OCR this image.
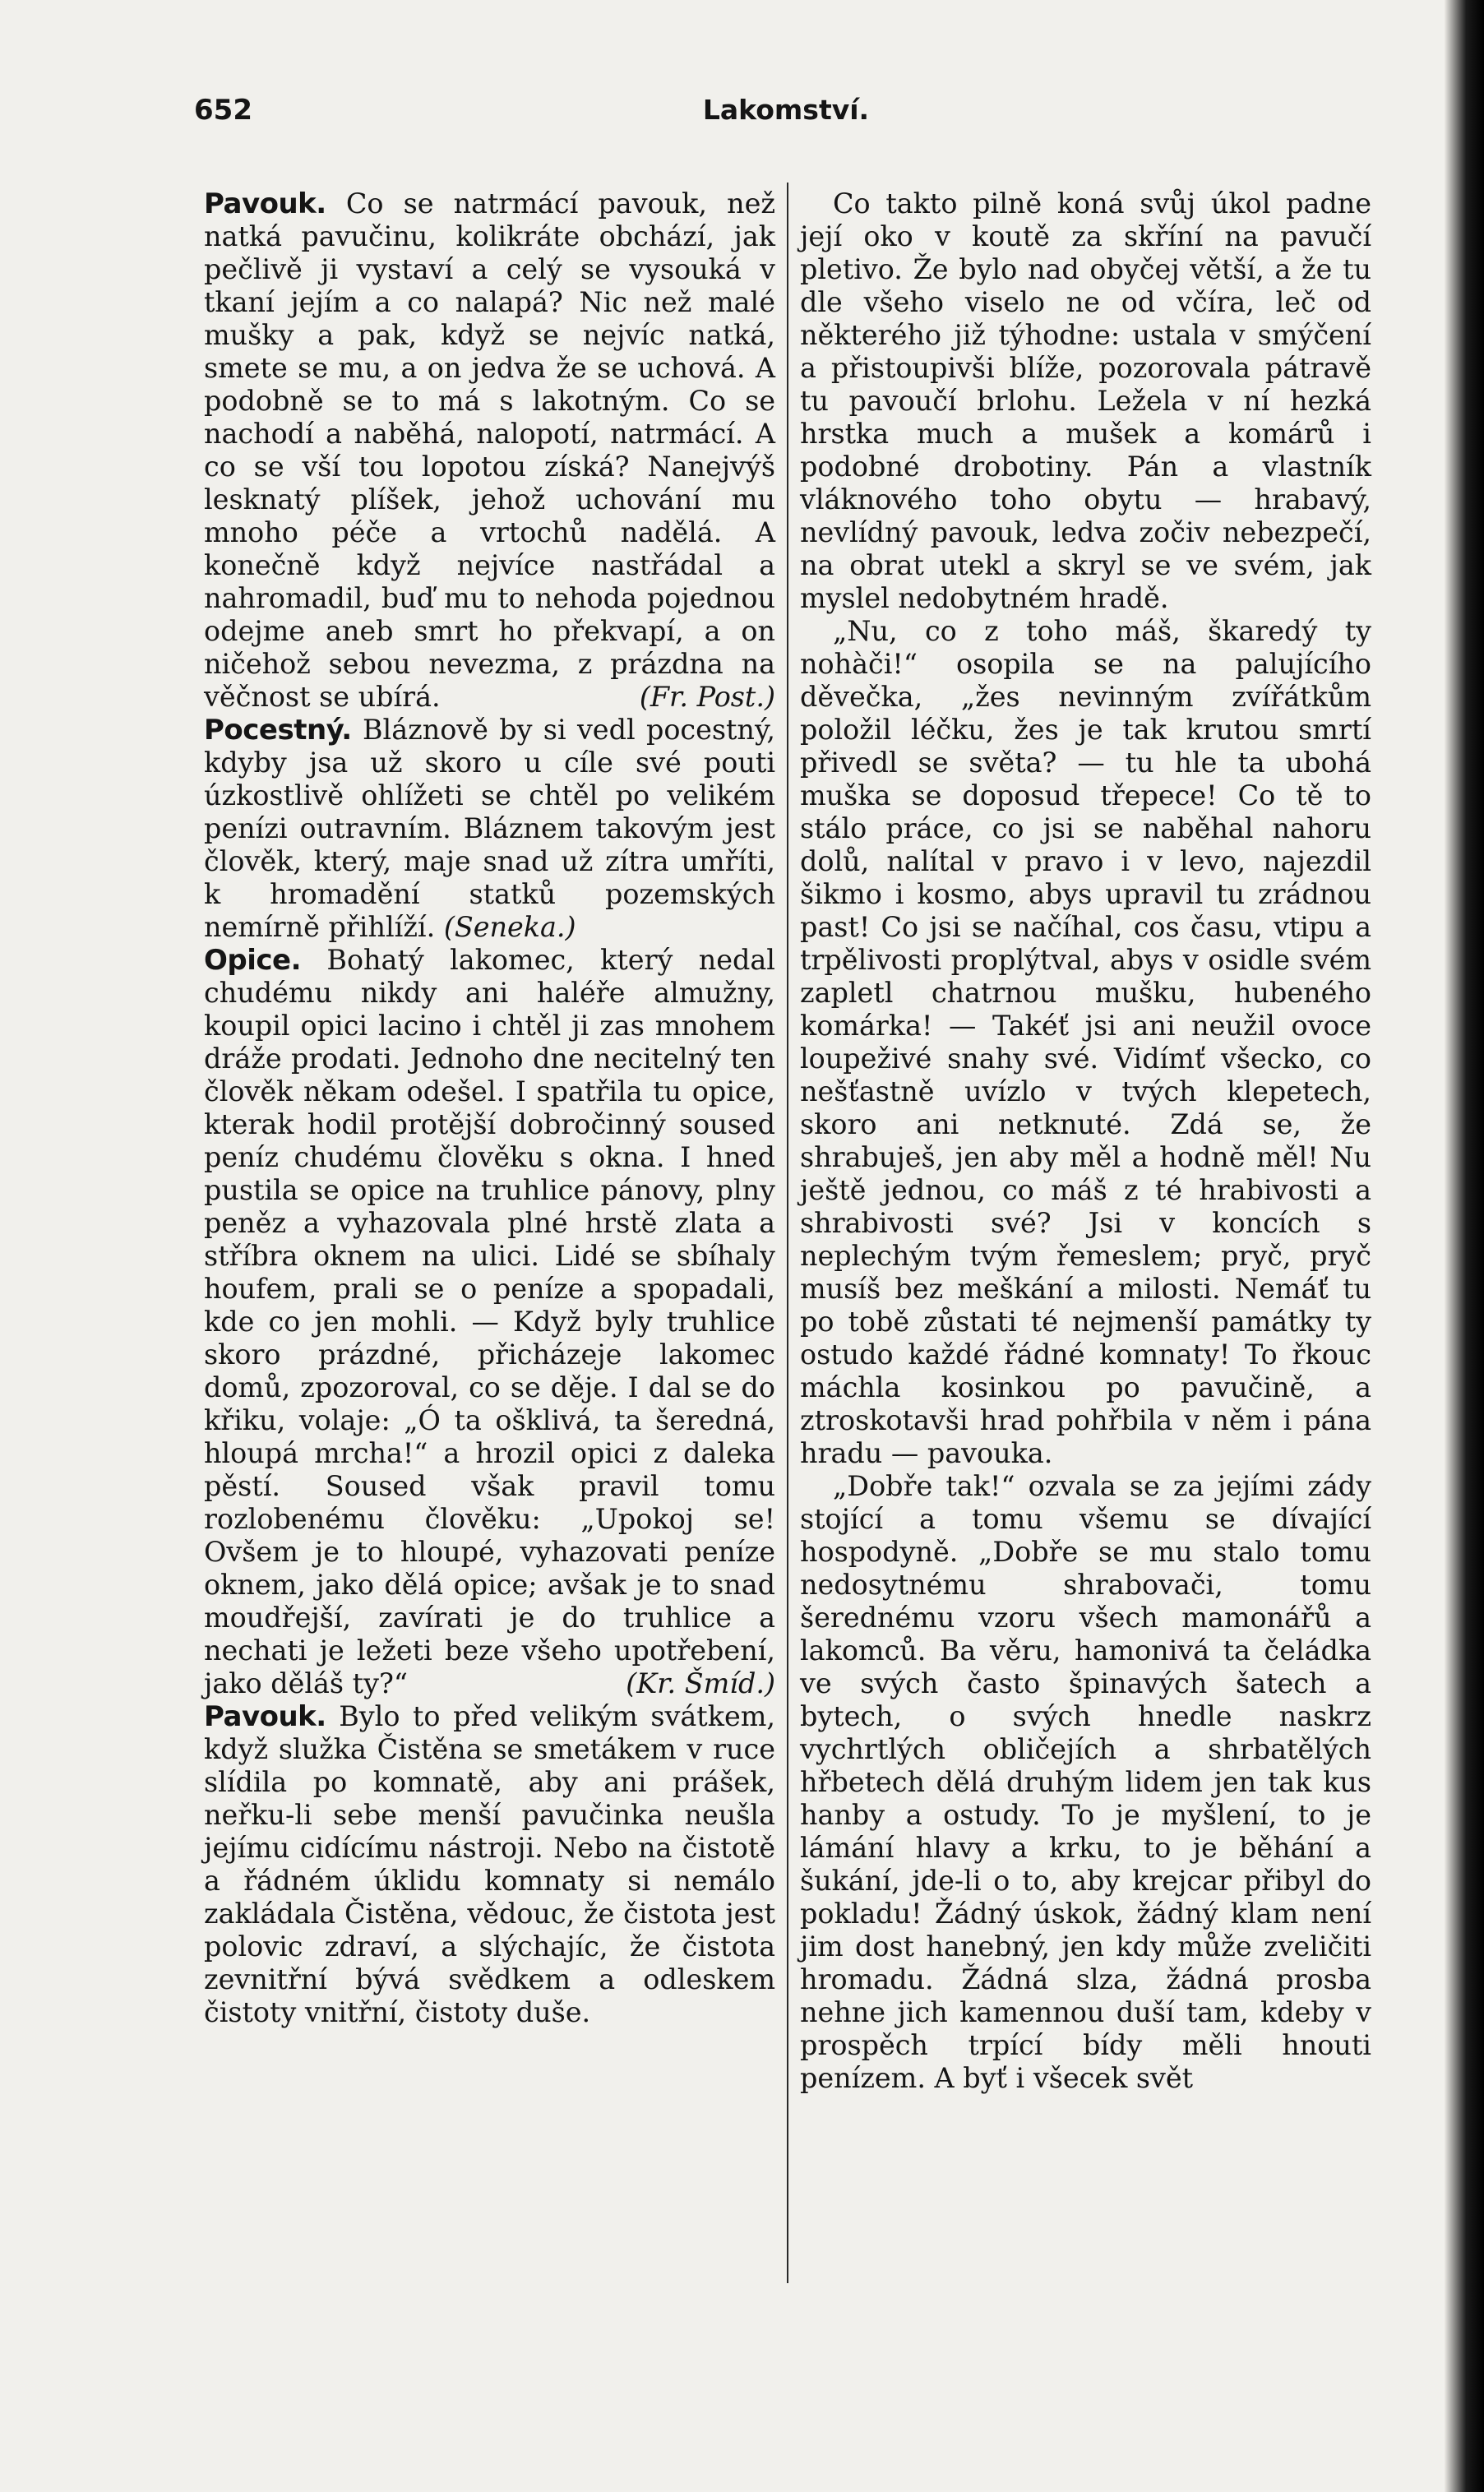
652	Lakomství.

Pavouk. Co se natrmácí pavouk, než natká pavučinu, kolikráte obchází, jak pečlivě ji vystaví a celý se vysouká v tkaní jejím a co nalapá? Nic než malé mušky a pak, když se nejvíc natká, smete se mu, a on jedva že se uchová. A podobně se to má s lakotným. Co se nachodí a naběhá, nalopotí, natrmácí. A co se vší tou lopotou získá? Nanejvýš lesknatý plíšek, jehož uchování mu mnoho péče a vrtochů nadělá. A konečně když nejvíce nastřádal a nahromadil, buď mu to nehoda pojednou odejme aneb smrt ho překvapí, a on ničehož sebou nevezma, z prázdna na věčnost se ubírá.	(Fr. Post.)

Pocestný. Bláznově by si vedl pocestný, kdyby jsa už skoro u cíle své pouti úzkostlivě ohlížeti se chtěl po velikém penízi outravním. Bláznem takovým jest člověk, který, maje snad už zítra umříti, k hromadění statků pozemských nemírně přihlíží. (Seneka.)

Opice. Bohatý lakomec, který nedal chudému nikdy ani haléře almužny, koupil opici lacino i chtěl ji zas mnohem dráže prodati. Jednoho dne necitelný ten člověk někam odešel. I spatřila tu opice, kterak hodil protější dobročinný soused peníz chudému člověku s okna. I hned pustila se opice na truhlice pánovy, plny peněz a vyhazovala plné hrstě zlata a stříbra oknem na ulici. Lidé se sbíhaly houfem, prali se o peníze a spopadali, kde co jen mohli. — Když byly truhlice skoro prázdné, přicházeje lakomec domů, zpozoroval, co se děje. I dal se do křiku, volaje: „Ó ta ošklivá, ta šeredná, hloupá mrcha!“ a hrozil opici z daleka pěstí. Soused však pravil tomu rozlobenému člověku: „Upokoj se! Ovšem je to hloupé, vyhazovati peníze oknem, jako dělá opice; avšak je to snad moudřejší, zavírati je do truhlice a nechati je ležeti beze všeho upotřebení, jako děláš ty?“	(Kr. Šmíd.)

Pavouk. Bylo to před velikým svátkem, když služka Čistěna se smetákem v ruce slídila po komnatě, aby ani prášek, neřku-li sebe menší pavučinka neušla jejímu cidícímu nástroji. Nebo na čistotě a řádném úklidu komnaty si nemálo zakládala Čistěna, vědouc, že čistota jest polovic zdraví, a slýchajíc, že čistota zevnitřní bývá svědkem a odleskem čistoty vnitřní, čistoty duše.

Co takto pilně koná svůj úkol padne její oko v koutě za skříní na pavučí pletivo. Že bylo nad obyčej větší, a že tu dle všeho viselo ne od včíra, leč od některého již týhodne: ustala v smýčení a přistoupivši blíže, pozorovala pátravě tu pavoučí brlohu. Ležela v ní hezká hrstka much a mušek a komárů i podobné drobotiny. Pán a vlastník vláknového toho obytu — hrabavý, nevlídný pavouk, ledva zočiv nebezpečí, na obrat utekl a skryl se ve svém, jak myslel nedobytném hradě.

„Nu, co z toho máš, škaredý ty nohàči!“ osopila se na palujícího děvečka, „žes nevinným zvířátkům položil léčku, žes je tak krutou smrtí přivedl se světa? — tu hle ta ubohá muška se doposud třepece! Co tě to stálo práce, co jsi se naběhal nahoru dolů, nalítal v pravo i v levo, najezdil šikmo i kosmo, abys upravil tu zrádnou past! Co jsi se načíhal, cos času, vtipu a trpělivosti proplýtval, abys v osidle svém zapletl chatrnou mušku, hubeného komárka! — Takéť jsi ani neužil ovoce loupeživé snahy své. Vidímť všecko, co nešťastně uvízlo v tvých klepetech, skoro ani netknuté. Zdá se, že shrabuješ, jen aby měl a hodně měl! Nu ještě jednou, co máš z té hrabivosti a shrabivosti své? Jsi v koncích s neplechým tvým řemeslem; pryč, pryč musíš bez meškání a milosti. Nemáť tu po tobě zůstati té nejmenší památky ty ostudo každé řádné komnaty! To řkouc máchla kosinkou po pavučině, a ztroskotavši hrad pohřbila v něm i pána hradu — pavouka.

„Dobře tak!“ ozvala se za jejími zády stojící a tomu všemu se dívající hospodyně. „Dobře se mu stalo tomu nedosytnému shrabovači, tomu šerednému vzoru všech mamonářů a lakomců. Ba věru, hamonivá ta čeládka ve svých často špinavých šatech a bytech, o svých hnedle naskrz vychrtlých obličejích a shrbatělých hřbetech dělá druhým lidem jen tak kus hanby a ostudy. To je myšlení, to je lámání hlavy a krku, to je běhání a šukání, jde-li o to, aby krejcar přibyl do pokladu! Žádný úskok, žádný klam není jim dost hanebný, jen kdy může zveličiti hromadu. Žádná slza, žádná prosba nehne jich kamennou duší tam, kdeby v prospěch trpící bídy měli hnouti penízem. A byť i všecek svět
